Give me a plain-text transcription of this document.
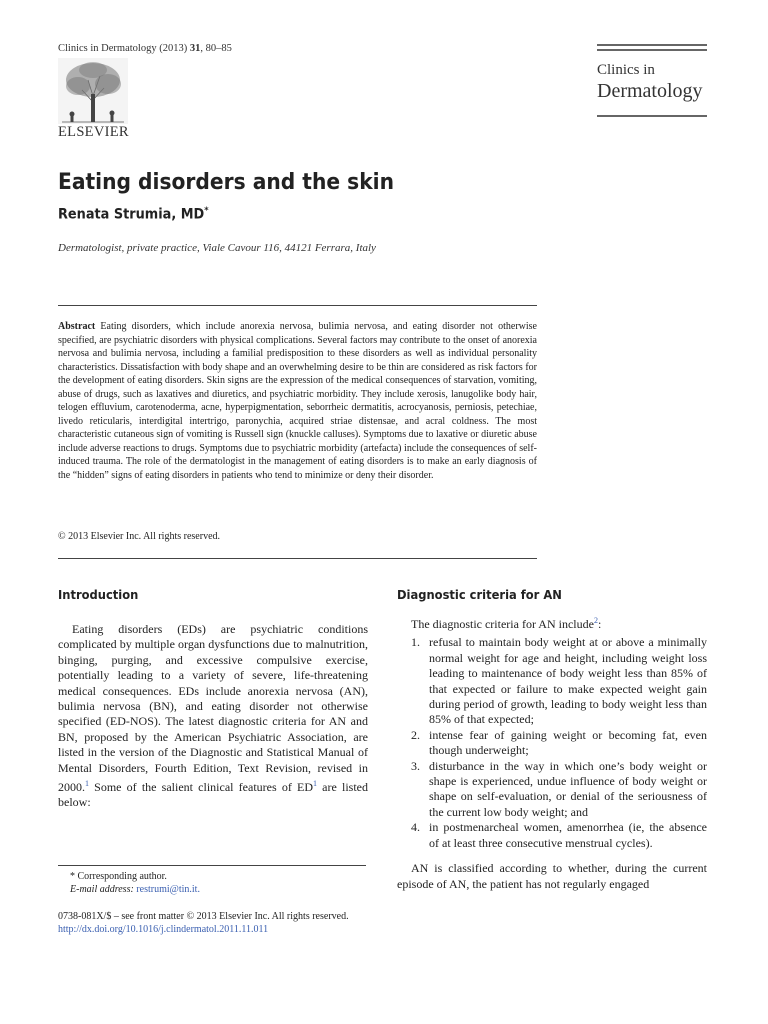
Clinics in Dermatology (2013) 31, 80–85
ELSEVIER
Clinics in
Dermatology
Eating disorders and the skin
Renata Strumia, MD*
Dermatologist, private practice, Viale Cavour 116, 44121 Ferrara, Italy
Abstract Eating disorders, which include anorexia nervosa, bulimia nervosa, and eating disorder not otherwise specified, are psychiatric disorders with physical complications. Several factors may contribute to the onset of anorexia nervosa and bulimia nervosa, including a familial predisposition to these disorders as well as individual personality characteristics. Dissatisfaction with body shape and an overwhelming desire to be thin are considered as risk factors for the development of eating disorders. Skin signs are the expression of the medical consequences of starvation, vomiting, abuse of drugs, such as laxatives and diuretics, and psychiatric morbidity. They include xerosis, lanugolike body hair, telogen effluvium, carotenoderma, acne, hyperpigmentation, seborrheic dermatitis, acrocyanosis, perniosis, petechiae, livedo reticularis, interdigital intertrigo, paronychia, acquired striae distensae, and acral coldness. The most characteristic cutaneous sign of vomiting is Russell sign (knuckle calluses). Symptoms due to laxative or diuretic abuse include adverse reactions to drugs. Symptoms due to psychiatric morbidity (artefacta) include the consequences of self-induced trauma. The role of the dermatologist in the management of eating disorders is to make an early diagnosis of the “hidden” signs of eating disorders in patients who tend to minimize or deny their disorder.
© 2013 Elsevier Inc. All rights reserved.
Introduction

Eating disorders (EDs) are psychiatric conditions complicated by multiple organ dysfunctions due to malnutrition, binging, purging, and excessive compulsive exercise, potentially leading to a variety of severe, life-threatening medical consequences. EDs include anorexia nervosa (AN), bulimia nervosa (BN), and eating disorder not otherwise specified (ED-NOS). The latest diagnostic criteria for AN and BN, proposed by the American Psychiatric Association, are listed in the version of the Diagnostic and Statistical Manual of Mental Disorders, Fourth Edition, Text Revision, revised in 2000.$^1$ Some of the salient clinical features of ED$^1$ are listed below:

Diagnostic criteria for AN

The diagnostic criteria for AN include$^2$:

1. refusal to maintain body weight at or above a minimally normal weight for age and height, including weight loss leading to maintenance of body weight less than 85% of that expected or failure to make expected weight gain during period of growth, leading to body weight less than 85% of that expected;
2. intense fear of gaining weight or becoming fat, even though underweight;
3. disturbance in the way in which one’s body weight or shape is experienced, undue influence of body weight or shape on self-evaluation, or denial of the seriousness of the current low body weight; and
4. in postmenarcheal women, amenorrhea (ie, the absence of at least three consecutive menstrual cycles).

AN is classified according to whether, during the current episode of AN, the patient has not regularly engaged

* Corresponding author.
E-mail address: restrumi@tin.it.
0738-081X/$ – see front matter © 2013 Elsevier Inc. All rights reserved.
http://dx.doi.org/10.1016/j.clindermatol.2011.11.011
